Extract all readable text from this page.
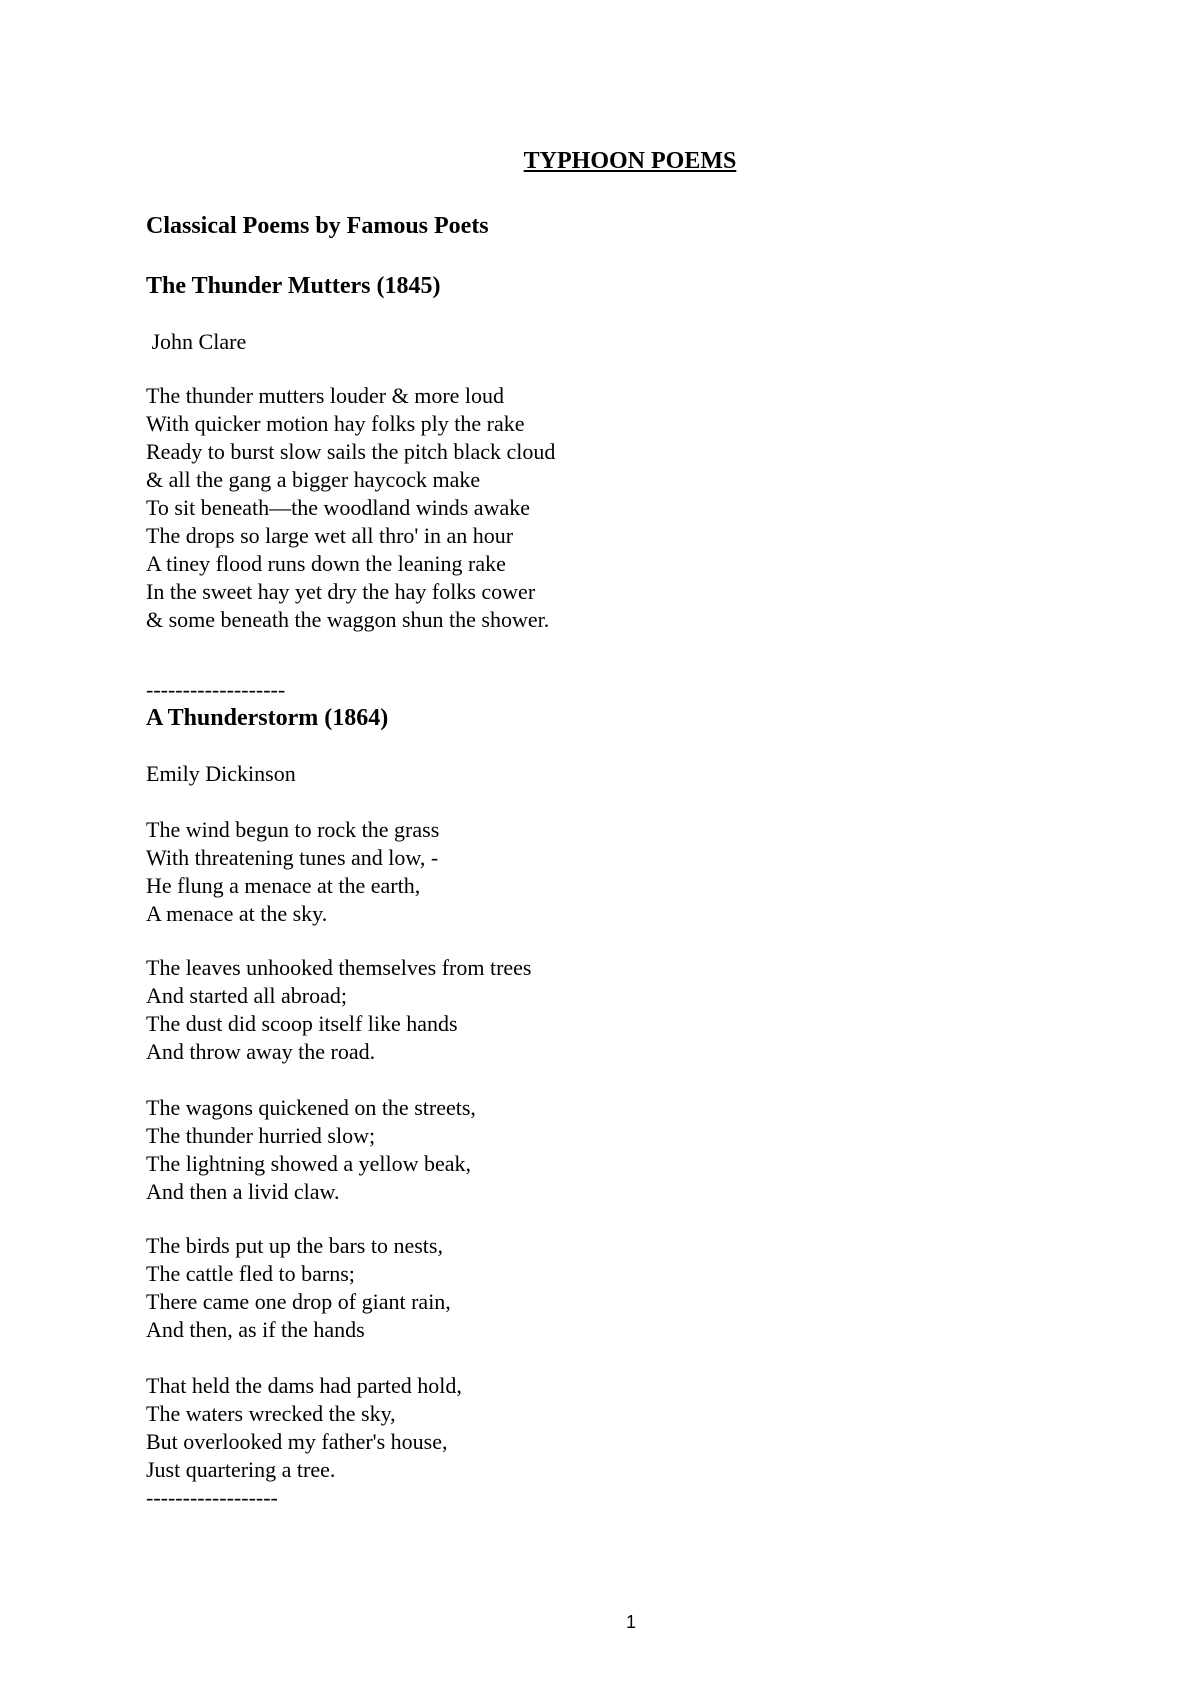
TYPHOON POEMS

Classical Poems by Famous Poets

The Thunder Mutters (1845)

John Clare

The thunder mutters louder & more loud
With quicker motion hay folks ply the rake
Ready to burst slow sails the pitch black cloud
& all the gang a bigger haycock make
To sit beneath—the woodland winds awake
The drops so large wet all thro' in an hour
A tiney flood runs down the leaning rake
In the sweet hay yet dry the hay folks cower
& some beneath the waggon shun the shower.

-------------------

A Thunderstorm (1864)

Emily Dickinson

The wind begun to rock the grass
With threatening tunes and low, -
He flung a menace at the earth,
A menace at the sky.
The leaves unhooked themselves from trees
And started all abroad;
The dust did scoop itself like hands
And throw away the road.
The wagons quickened on the streets,
The thunder hurried slow;
The lightning showed a yellow beak,
And then a livid claw.
The birds put up the bars to nests,
The cattle fled to barns;
There came one drop of giant rain,
And then, as if the hands
That held the dams had parted hold,
The waters wrecked the sky,
But overlooked my father's house,
Just quartering a tree.

------------------

1
